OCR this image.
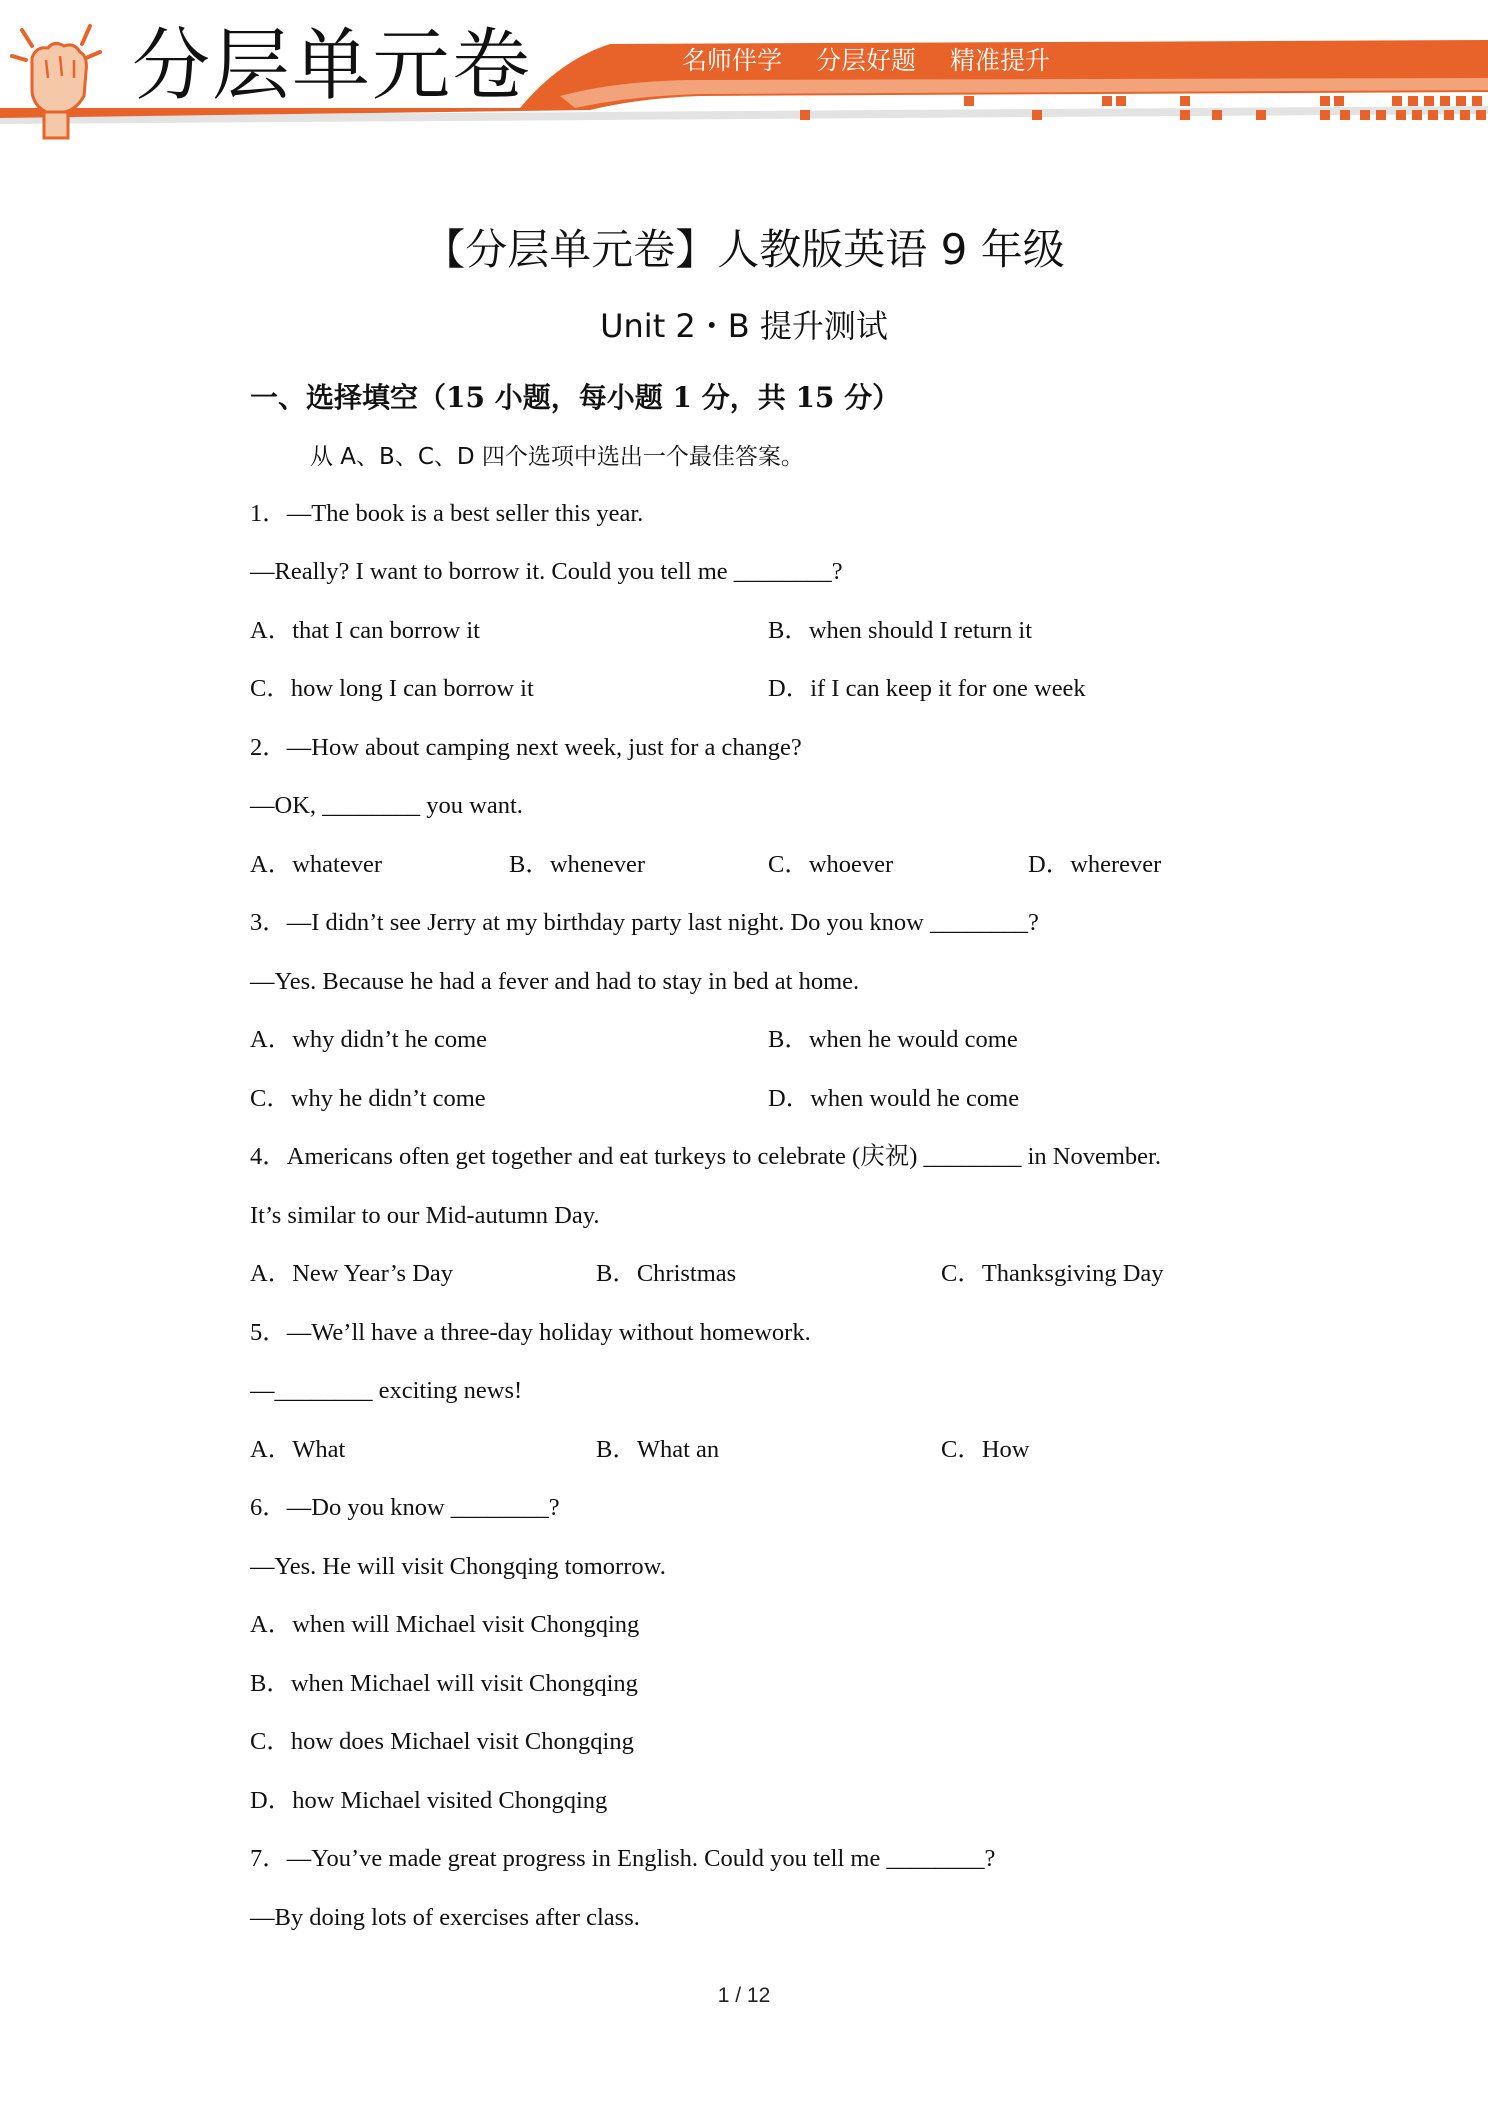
分层单元卷	名师伴学 分层好题 精准提升
【分层单元卷】人教版英语 9 年级
Unit 2・B 提升测试
一、选择填空（15 小题，每小题 1 分，共 15 分）
从 A、B、C、D 四个选项中选出一个最佳答案。
1．—The book is a best seller this year.
—Really? I want to borrow it. Could you tell me ________?
A．that I can borrow it	B．when should I return it
C．how long I can borrow it	D．if I can keep it for one week
2．—How about camping next week, just for a change?
—OK, ________ you want.
A．whatever	B．whenever	C．whoever	D．wherever
3．—I didn’t see Jerry at my birthday party last night. Do you know ________?
—Yes. Because he had a fever and had to stay in bed at home.
A．why didn’t he come	B．when he would come
C．why he didn’t come	D．when would he come
4．Americans often get together and eat turkeys to celebrate (庆祝) ________ in November.
It’s similar to our Mid-autumn Day.
A．New Year’s Day	B．Christmas	C．Thanksgiving Day
5．—We’ll have a three-day holiday without homework.
—________ exciting news!
A．What	B．What an	C．How
6．—Do you know ________?
—Yes. He will visit Chongqing tomorrow.
A．when will Michael visit Chongqing
B．when Michael will visit Chongqing
C．how does Michael visit Chongqing
D．how Michael visited Chongqing
7．—You’ve made great progress in English. Could you tell me ________?
—By doing lots of exercises after class.
1 / 12
